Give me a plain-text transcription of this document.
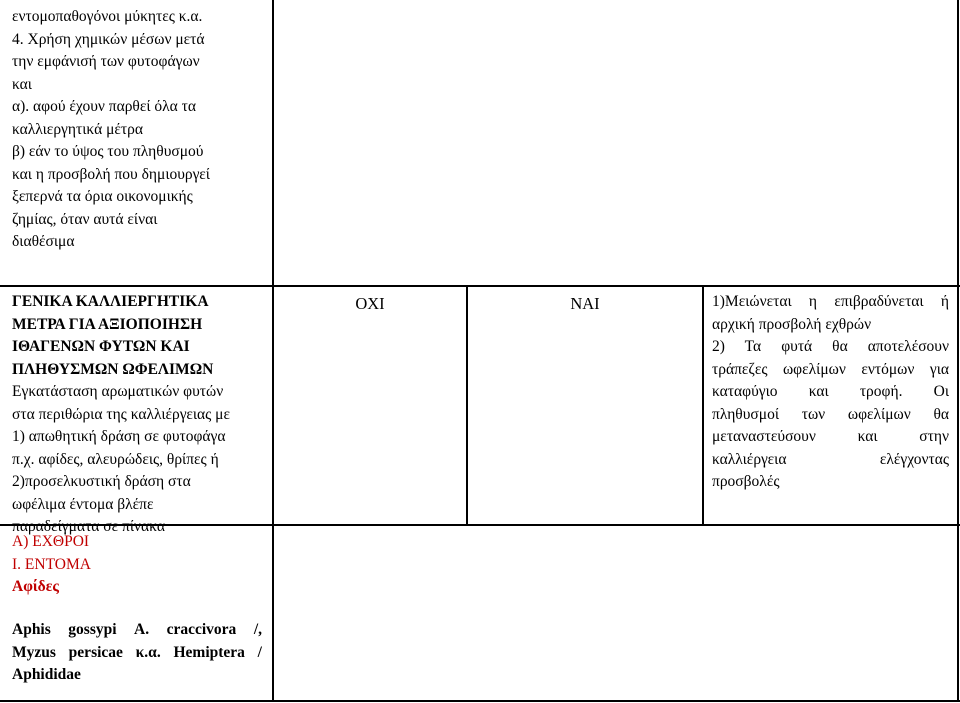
εντομοπαθογόνοι μύκητες κ.α.
4. Χρήση χημικών μέσων μετά
την εμφάνισή των φυτοφάγων
και
α). αφού έχουν παρθεί όλα τα
καλλιεργητικά μέτρα
β) εάν το ύψος του πληθυσμού
και η προσβολή που δημιουργεί
ξεπερνά τα όρια οικονομικής
ζημίας, όταν αυτά είναι
διαθέσιμα
ΓΕΝΙΚΑ ΚΑΛΛΙΕΡΓΗΤΙΚΑ
ΜΕΤΡΑ ΓΙΑ ΑΞΙΟΠΟΙΗΣΗ
ΙΘΑΓΕΝΩΝ ΦΥΤΩΝ ΚΑΙ
ΠΛΗΘΥΣΜΩΝ ΩΦΕΛΙΜΩΝ
Εγκατάσταση αρωματικών φυτών
στα περιθώρια της καλλιέργειας με
1) απωθητική δράση σε φυτοφάγα
π.χ. αφίδες, αλευρώδεις, θρίπες ή
2)προσελκυστική δράση στα
ωφέλιμα έντομα βλέπε
παραδείγματα σε πίνακα
ΟΧΙ	ΝΑΙ	1)Μειώνεται η επιβραδύνεται ή

αρχική προσβολή εχθρών

2) Τα φυτά θα αποτελέσουν

τράπεζες ωφελίμων εντόμων για

καταφύγιο και τροφή. Οι

πληθυσμοί των ωφελίμων θα

μεταναστεύσουν και στην

καλλιέργεια ελέγχοντας

προσβολές

Α) ΕΧΘΡΟΙ
Ι. ΕΝΤΟΜΑ
Αφίδες

Aphis gossypi Α. craccivora /,

Myzus persicae κ.α. Hemiptera /

Aphididae
